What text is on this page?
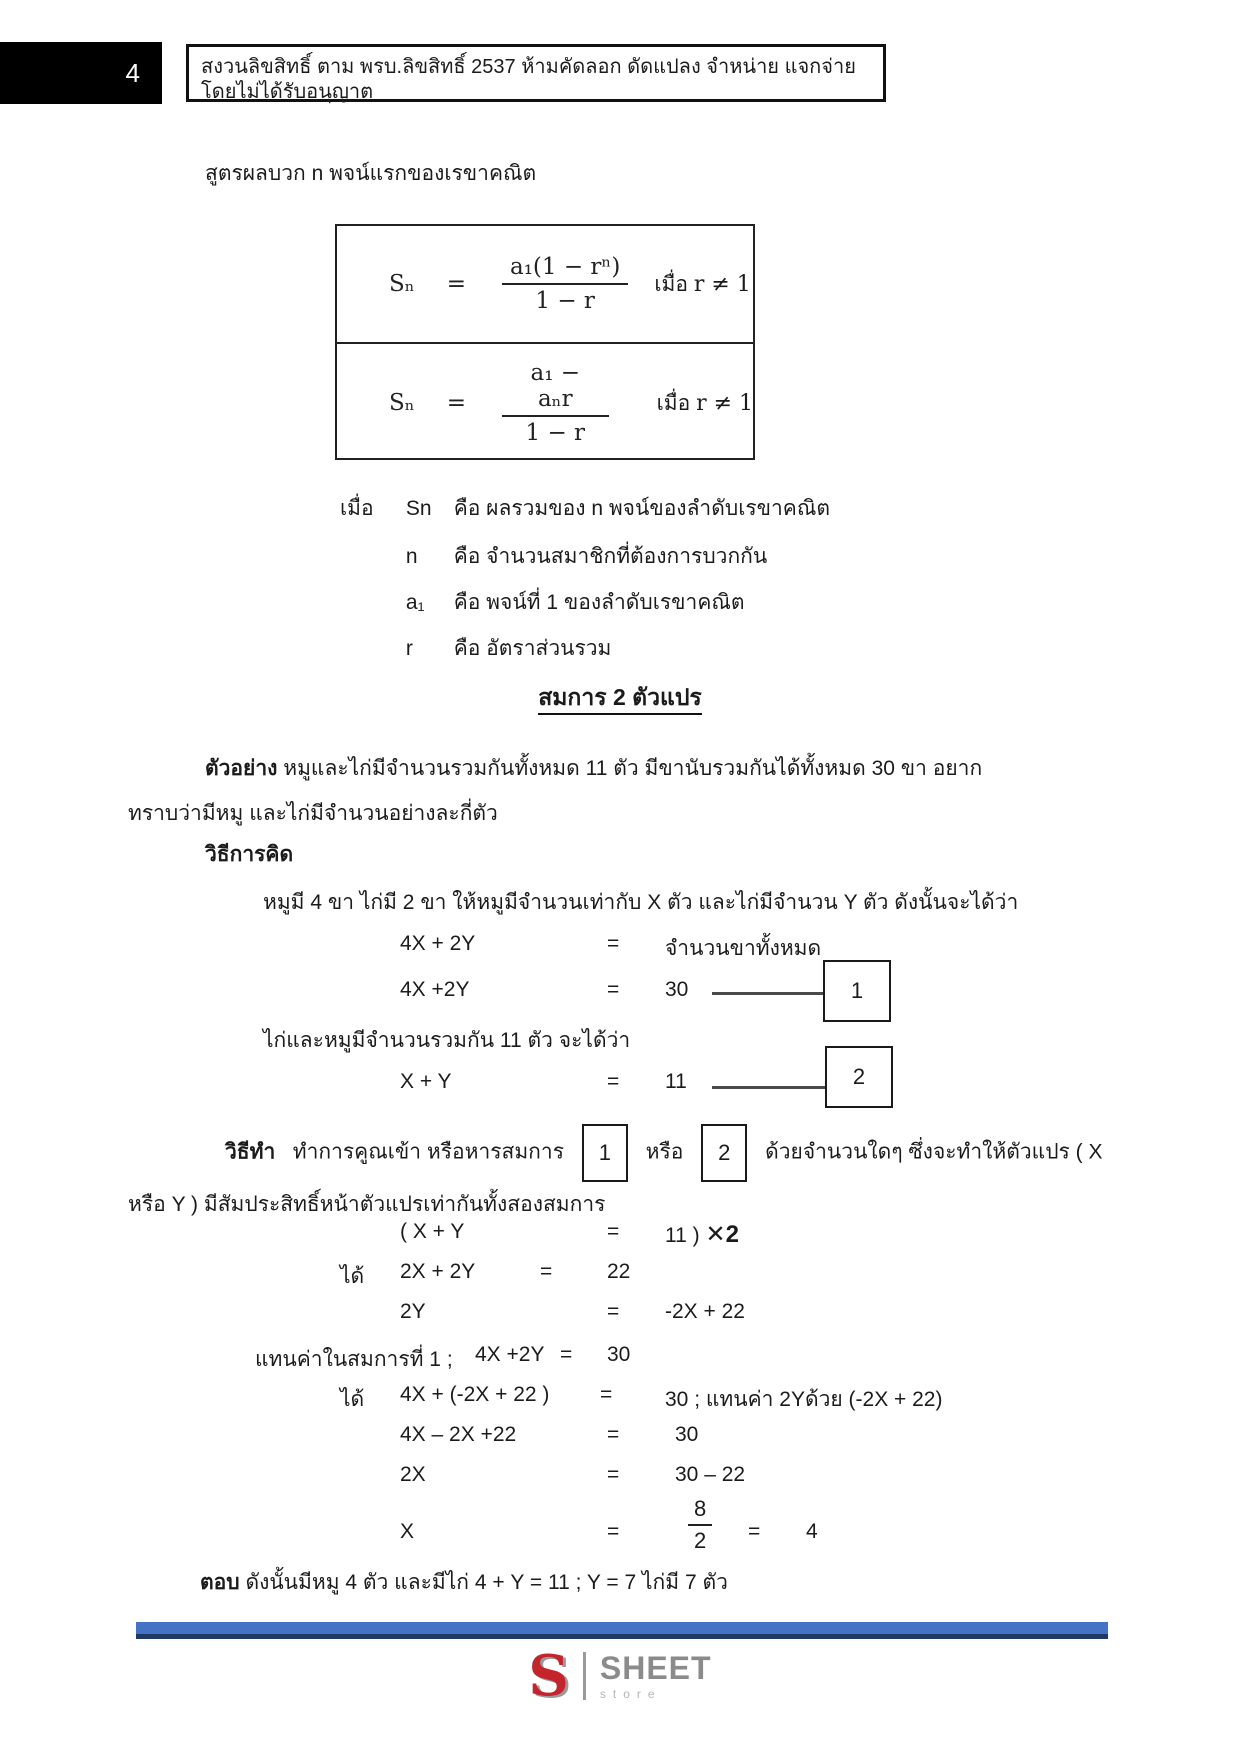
4	สงวนลิขสิทธิ์ ตาม พรบ.ลิขสิทธิ์ 2537 ห้ามคัดลอก ดัดแปลง จำหน่าย แจกจ่าย โดยไม่ได้รับอนุญาต
สูตรผลบวก n พจน์แรกของเรขาคณิต
$S_n = \frac{\text{a₁(1 − rⁿ)}}{1 - r}$ เมื่อ r ≠ 1
$S_n = \frac{\text{a₁ − aₙr}}{1 - r}$ เมื่อ r ≠ 1
เมื่อ Sn คือ ผลรวมของ n พจน์ของลำดับเรขาคณิต
n คือ จำนวนสมาชิกที่ต้องการบวกกัน
a₁ คือ พจน์ที่ 1 ของลำดับเรขาคณิต
r คือ อัตราส่วนรวม
สมการ 2 ตัวแปร
ตัวอย่าง หมูและไก่มีจำนวนรวมกันทั้งหมด 11 ตัว มีขานับรวมกันได้ทั้งหมด 30 ขา อยาก
ทราบว่ามีหมู และไก่มีจำนวนอย่างละกี่ตัว
วิธีการคิด
หมูมี 4 ขา ไก่มี 2 ขา ให้หมูมีจำนวนเท่ากับ X ตัว และไก่มีจำนวน Y ตัว ดังนั้นจะได้ว่า
4X + 2Y	= จำนวนขาทั้งหมด
4X +2Y	= 30	1
ไก่และหมูมีจำนวนรวมกัน 11 ตัว จะได้ว่า
X + Y	= 11	2
วิธีทำ ทำการคูณเข้า หรือหารสมการ 1 หรือ 2 ด้วยจำนวนใดๆ ซึ่งจะทำให้ตัวแปร ( X
หรือ Y ) มีสัมประสิทธิ์หน้าตัวแปรเท่ากันทั้งสองสมการ
( X + Y	= 11 ) ✕2
ได้ 2X + 2Y	=	22
2Y	= -2X + 22
แทนค่าในสมการที่ 1 ; 4X +2Y = 30
ได้ 4X + (-2X + 22 ) =	30 ; แทนค่า 2Yด้วย (-2X + 22)
4X – 2X +22	=	30
2X	=	30 – 22
X	=	$\frac{8}{2} = 4$
ตอบ ดังนั้นมีหมู 4 ตัว และมีไก่ 4 + Y = 11 ; Y = 7 ไก่มี 7 ตัว
S SHEET
store
